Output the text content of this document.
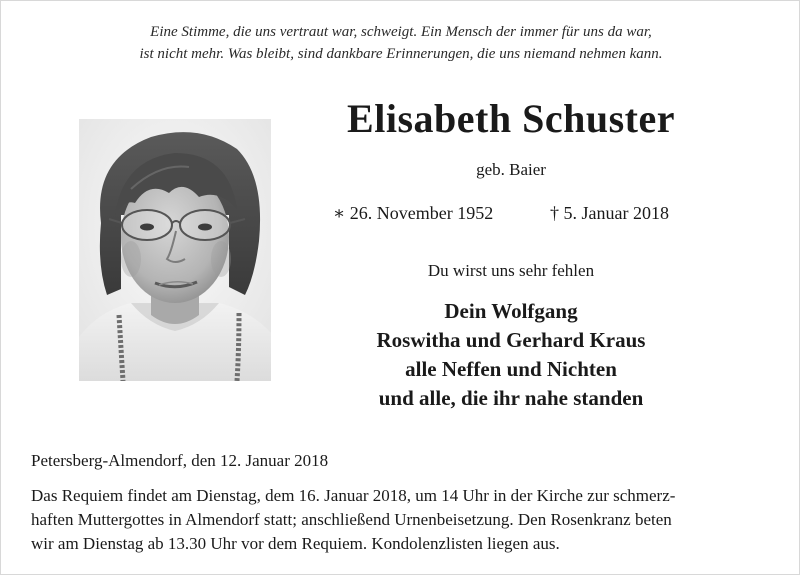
Eine Stimme, die uns vertraut war, schweigt. Ein Mensch der immer für uns da war,
ist nicht mehr. Was bleibt, sind dankbare Erinnerungen, die uns niemand nehmen kann.
Elisabeth Schuster
geb. Baier
∗ 26. November 1952	† 5. Januar 2018
Du wirst uns sehr fehlen
Dein Wolfgang
Roswitha und Gerhard Kraus
alle Neffen und Nichten
und alle, die ihr nahe standen
Petersberg-Almendorf, den 12. Januar 2018
Das Requiem findet am Dienstag, dem 16. Januar 2018, um 14 Uhr in der Kirche zur schmerz-
haften Muttergottes in Almendorf statt; anschließend Urnenbeisetzung. Den Rosenkranz beten
wir am Dienstag ab 13.30 Uhr vor dem Requiem. Kondolenzlisten liegen aus.
